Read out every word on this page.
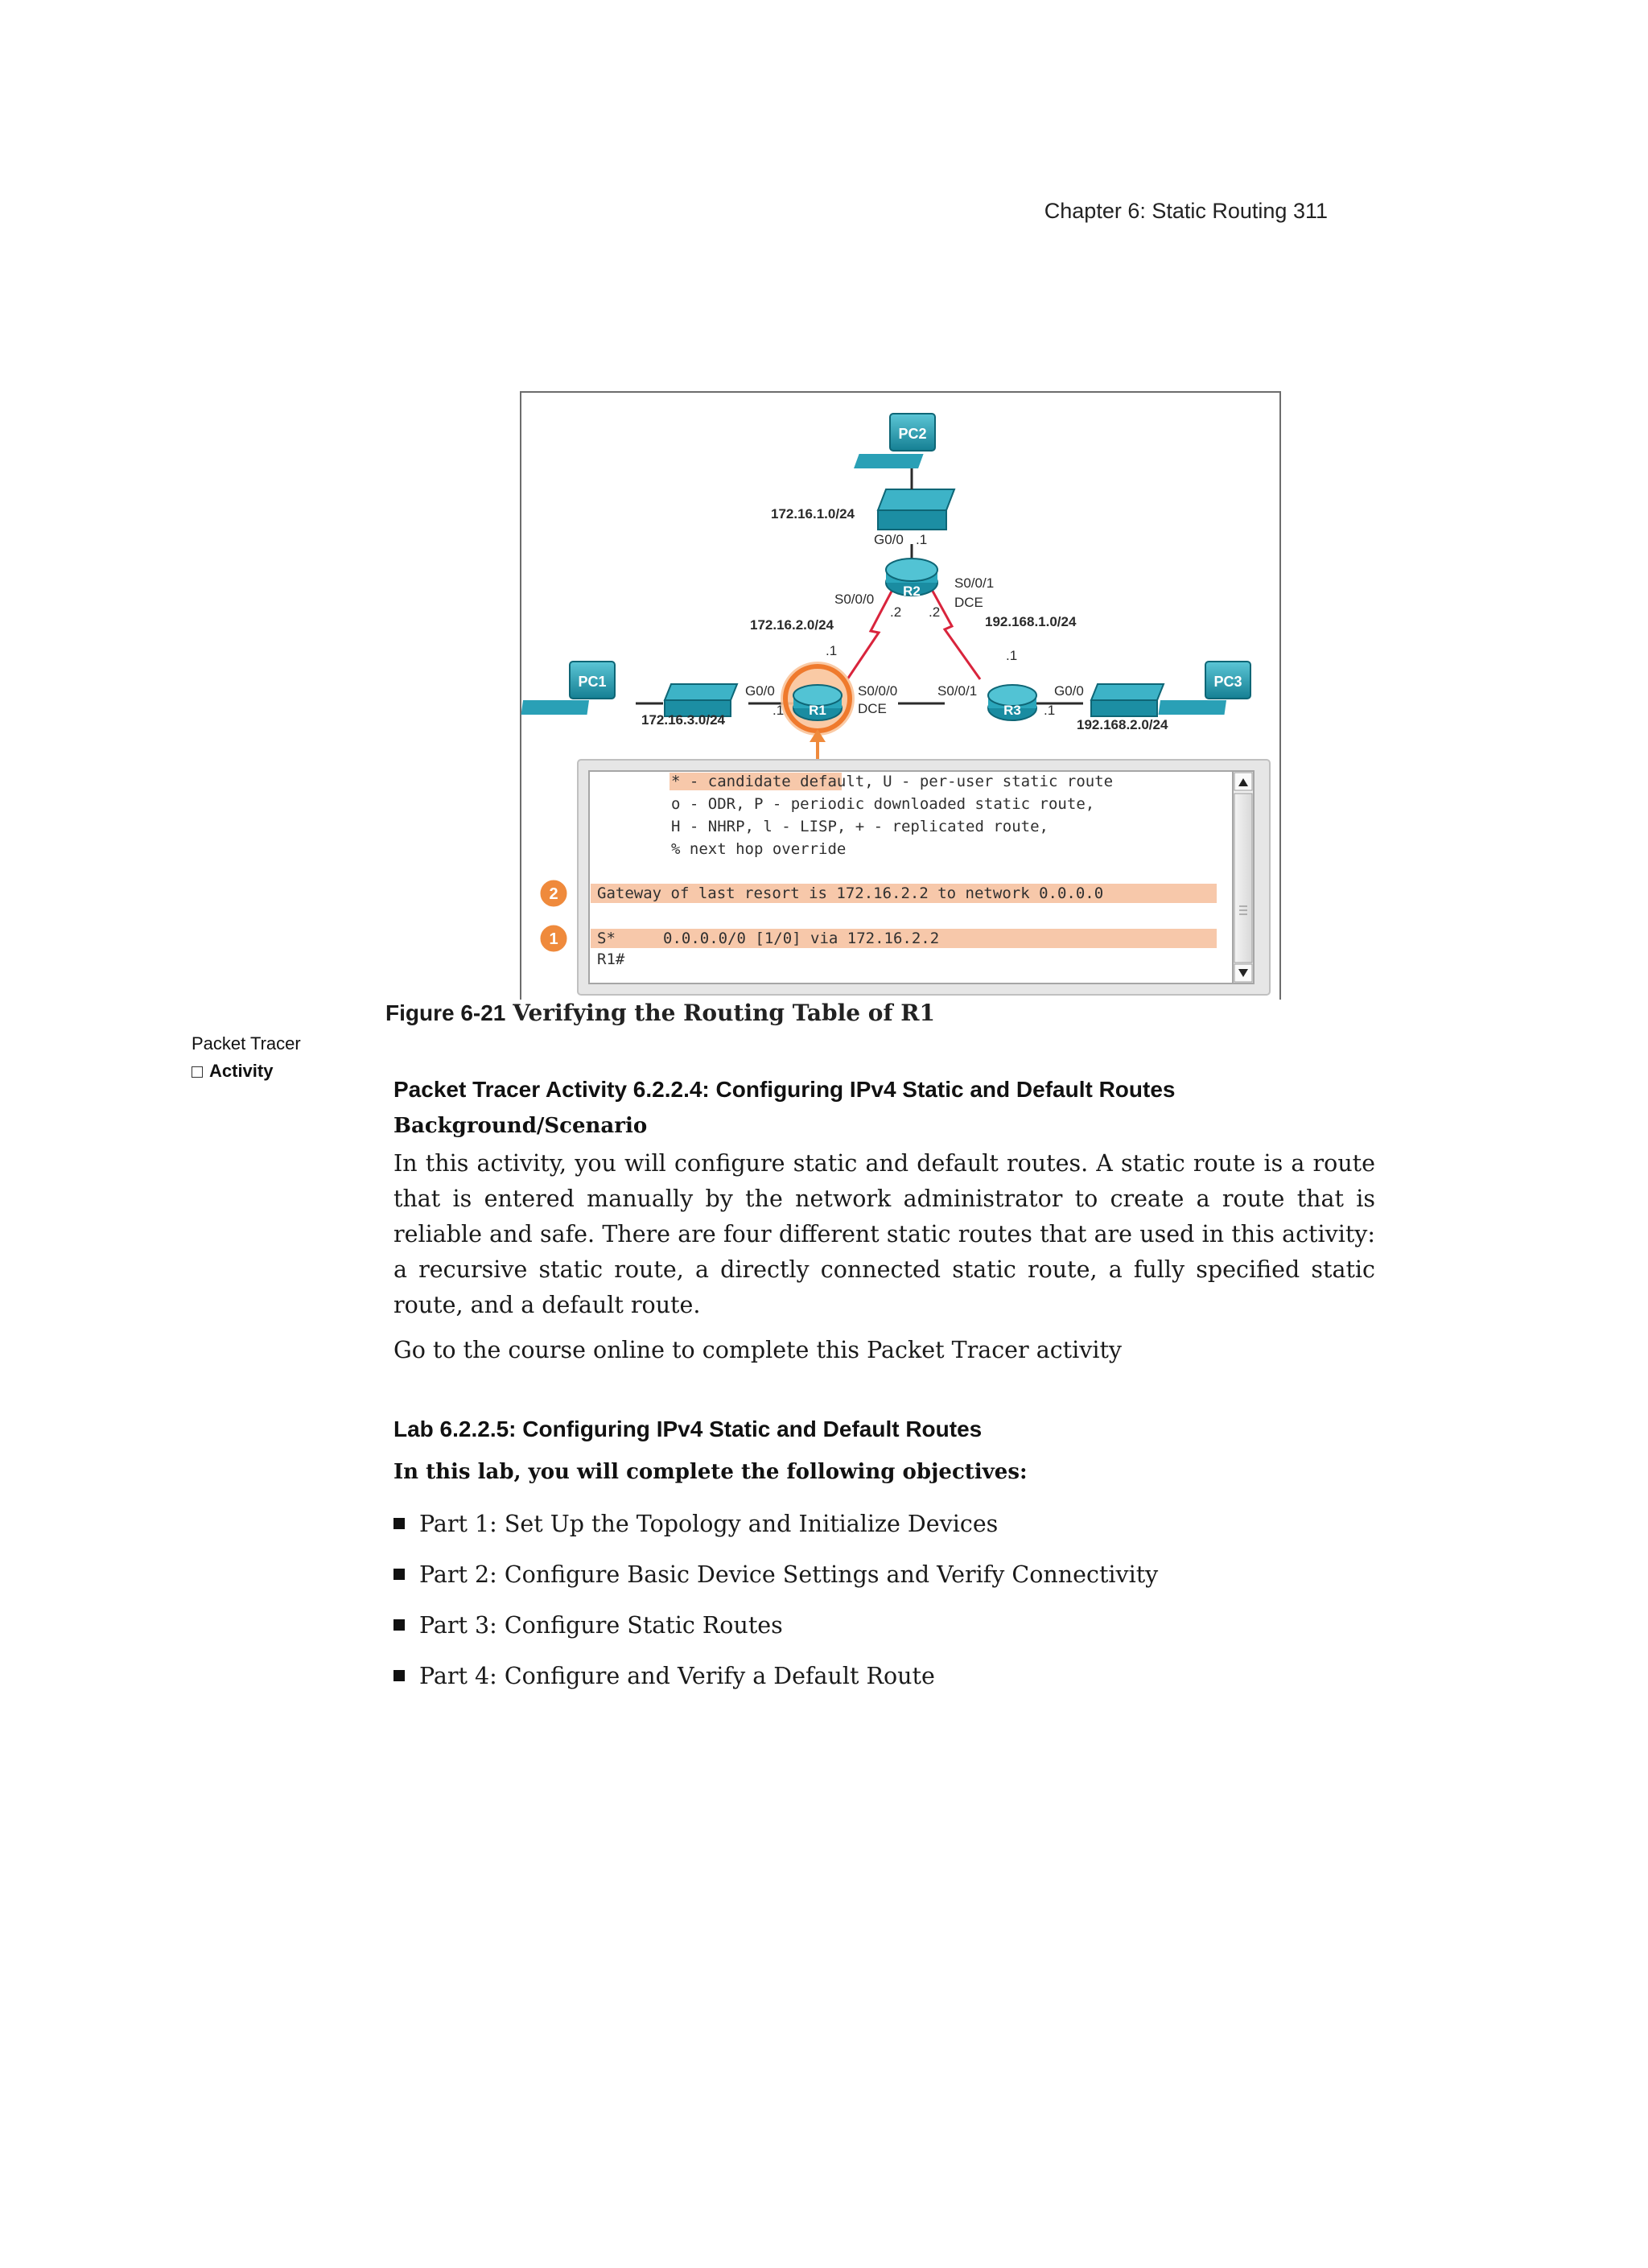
Chapter 6: Static Routing 311
PC2
R2
R1	R3
PC1	PC3
172.16.1.0/24
G0/0 .1
S0/0/0
.2
S0/0/1
DCE
.2
172.16.2.0/24	192.168.1.0/24
.1	.1
G0/0
.1
S0/0/0
DCE
S0/0/1	G0/0
.1
172.16.3.0/24	192.168.2.0/24
* - candidate default, U - per-user static route
o - ODR, P - periodic downloaded static route,
H - NHRP, l - LISP, + - replicated route,
% next hop override
Gateway of last resort is 172.16.2.2 to network 0.0.0.0
S*	0.0.0.0/0 [1/0] via 172.16.2.2
R1#
2
1
Figure 6-21 Verifying the Routing Table of R1
Packet Tracer
Activity
Packet Tracer Activity 6.2.2.4: Configuring IPv4 Static and Default Routes
Background/Scenario

In this activity, you will configure static and default routes. A static route is a route that is entered manually by the network administrator to create a route that is reliable and safe. There are four different static routes that are used in this activity: a recursive static route, a directly connected static route, a fully specified static route, and a default route.

Go to the course online to complete this Packet Tracer activity

Lab 6.2.2.5: Configuring IPv4 Static and Default Routes
In this lab, you will complete the following objectives:
Part 1: Set Up the Topology and Initialize Devices
Part 2: Configure Basic Device Settings and Verify Connectivity
Part 3: Configure Static Routes
Part 4: Configure and Verify a Default Route
